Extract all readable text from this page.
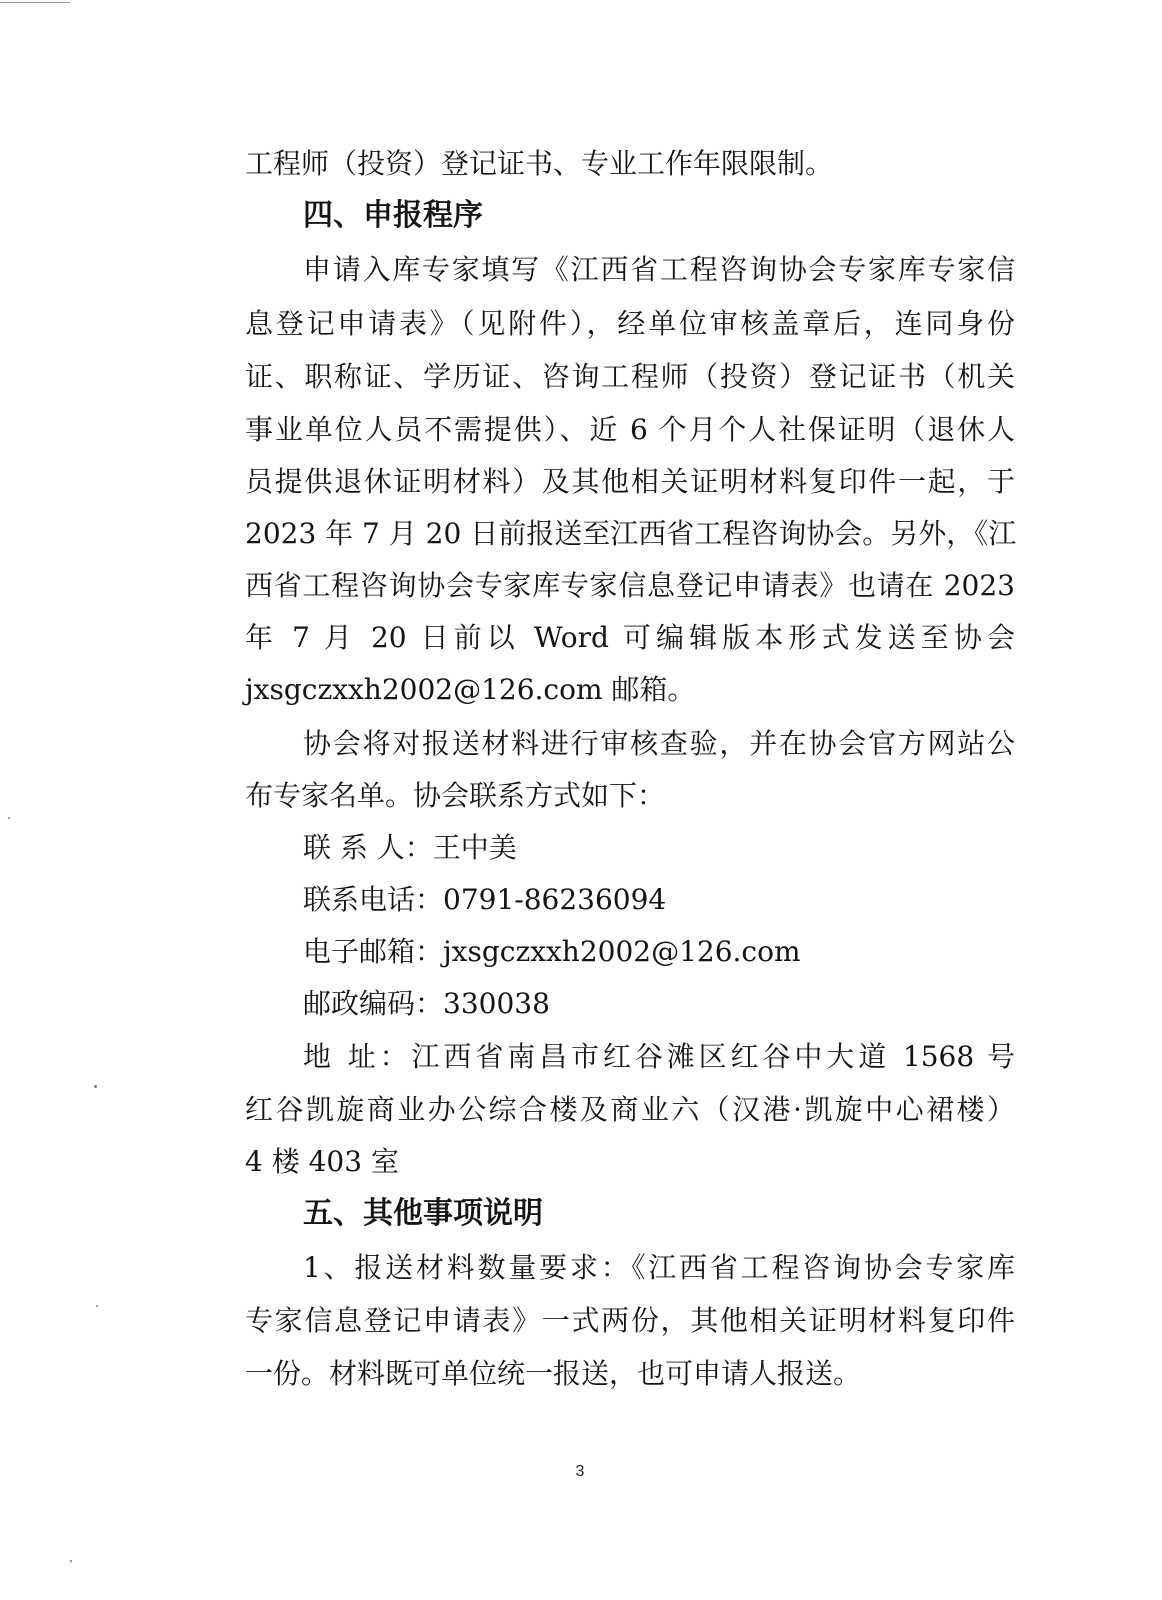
工程师（投资）登记证书、专业工作年限限制。
四、申报程序
申请入库专家填写《江西省工程咨询协会专家库专家信
息登记申请表》（见附件），经单位审核盖章后，连同身份
证、职称证、学历证、咨询工程师（投资）登记证书（机关
事业单位人员不需提供）、近 6 个月个人社保证明（退休人
员提供退休证明材料）及其他相关证明材料复印件一起，于
2023 年 7 月 20 日前报送至江西省工程咨询协会。另外，《江
西省工程咨询协会专家库专家信息登记申请表》也请在 2023
年 7 月 20 日前以 Word 可编辑版本形式发送至协会
jxsgczxxh2002@126.com 邮箱。
协会将对报送材料进行审核查验，并在协会官方网站公
布专家名单。协会联系方式如下：
联 系 人：王中美
联系电话：0791-86236094
电子邮箱：jxsgczxxh2002@126.com
邮政编码：330038
地 址：江西省南昌市红谷滩区红谷中大道 1568 号
红谷凯旋商业办公综合楼及商业六（汉港·凯旋中心裙楼）
4 楼 403 室
五、其他事项说明
1、报送材料数量要求：《江西省工程咨询协会专家库
专家信息登记申请表》一式两份，其他相关证明材料复印件
一份。材料既可单位统一报送，也可申请人报送。
3
